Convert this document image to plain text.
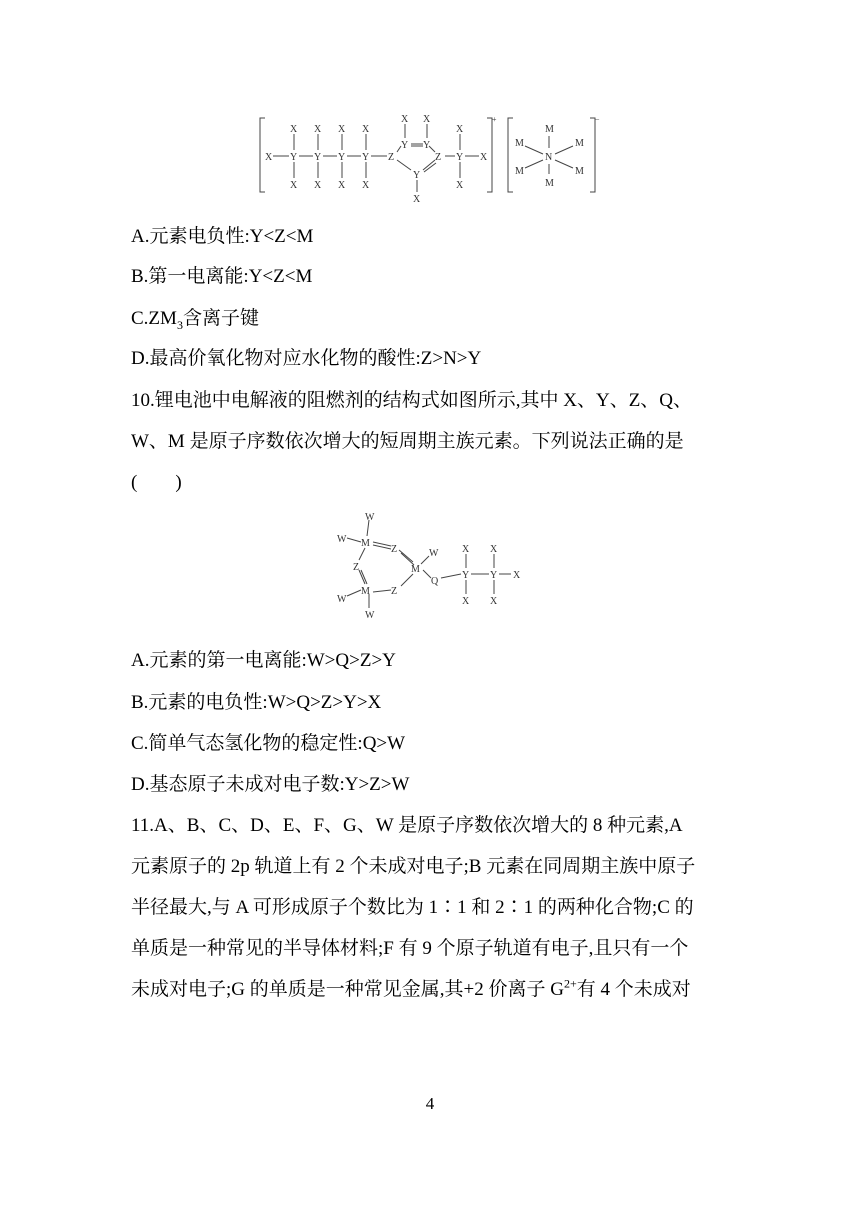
X Y Y Y Y Z
X X X X
X X X X
X X
Y Y
Z
Y
X
Y
X
X
X
+
M
M	M
N
M	M
M
−
A.元素电负性:Y<Z<M
B.第一电离能:Y<Z<M
$C.ZM_3$含离子键
D.最高价氧化物对应水化物的酸性:Z>N>Y
10.锂电池中电解液的阻燃剂的结构式如图所示,其中 X、Y、Z、Q、
W、M 是原子序数依次增大的短周期主族元素。下列说法正确的是
(　　)
W
W M
Z
Z	M
W
Q
M Z
W
W
X X
Y Y X
X X
A.元素的第一电离能:W>Q>Z>Y
B.元素的电负性:W>Q>Z>Y>X
C.简单气态氢化物的稳定性:Q>W
D.基态原子未成对电子数:Y>Z>W
11.A、B、C、D、E、F、G、W 是原子序数依次增大的 8 种元素,A
元素原子的 2p 轨道上有 2 个未成对电子;B 元素在同周期主族中原子
半径最大,与 A 可形成原子个数比为 1∶1 和 2∶1 的两种化合物;C 的
单质是一种常见的半导体材料;F 有 9 个原子轨道有电子,且只有一个
未成对电子;G 的单质是一种常见金属,其+2 价离子 $G^{2+}$有 4 个未成对
4
